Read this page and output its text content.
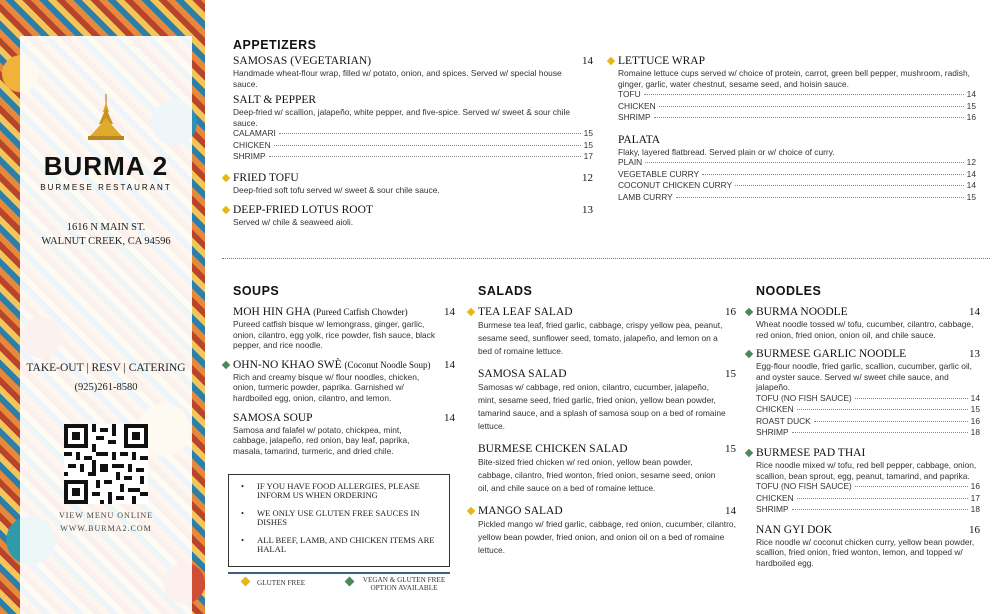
BURMA 2
BURMESE RESTAURANT
1616 N MAIN ST.
WALNUT CREEK, CA 94596
TAKE-OUT | RESV | CATERING
(925)261-8580
VIEW MENU ONLINE
WWW.BURMA2.COM
APPETIZERS
SAMOSAS (VEGETARIAN)	14
Handmade wheat-flour wrap, filled w/ potato, onion, and spices. Served w/ special house sauce.
SALT & PEPPER
Deep-fried w/ scallion, jalapeño, white pepper, and five-spice. Served w/ sweet & sour chile sauce.
CALAMARI	15
CHICKEN	15
SHRIMP	17
FRIED TOFU	12
Deep-fried soft tofu served w/ sweet & sour chile sauce.
DEEP-FRIED LOTUS ROOT	13
Served w/ chile & seaweed aioli.
LETTUCE WRAP
Romaine lettuce cups served w/ choice of protein, carrot, green bell pepper, mushroom, radish, ginger, garlic, water chestnut, sesame seed, and hoisin sauce.
TOFU	14
CHICKEN	15
SHRIMP	16
PALATA
Flaky, layered flatbread. Served plain or w/ choice of curry.
PLAIN	12
VEGETABLE CURRY	14
COCONUT CHICKEN CURRY	14
LAMB CURRY	15
SOUPS
MOH HIN GHA (Pureed Catfish Chowder)	14
Pureed catfish bisque w/ lemongrass, ginger, garlic, onion, cilantro, egg yolk, rice powder, fish sauce, black pepper, and rice noodle.
OHN-NO KHAO SWÈ (Coconut Noodle Soup) 14
Rich and creamy bisque w/ flour noodles, chicken, onion, turmeric powder, paprika. Garnished w/ hardboiled egg, onion, cilantro, and lemon.
SAMOSA SOUP	14
Samosa and falafel w/ potato, chickpea, mint, cabbage, jalapeño, red onion, bay leaf, paprika, masala, tamarind, turmeric, and dried chile.
• IF YOU HAVE FOOD ALLERGIES, PLEASE INFORM US WHEN ORDERING
• WE ONLY USE GLUTEN FREE SAUCES IN DISHES
• ALL BEEF, LAMB, AND CHICKEN ITEMS ARE HALAL
GLUTEN FREE	VEGAN & GLUTEN FREE OPTION AVAILABLE
SALADS
TEA LEAF SALAD	16
Burmese tea leaf, fried garlic, cabbage, crispy yellow pea, peanut, sesame seed, sunflower seed, tomato, jalapeño, and lemon on a bed of romaine lettuce.
SAMOSA SALAD	15
Samosas w/ cabbage, red onion, cilantro, cucumber, jalapeño, mint, sesame seed, fried garlic, fried onion, yellow bean powder, tamarind sauce, and a splash of samosa soup on a bed of romaine lettuce.
BURMESE CHICKEN SALAD	15
Bite-sized fried chicken w/ red onion, yellow bean powder, cabbage, cilantro, fried wonton, fried onion, sesame seed, onion oil, and chile sauce on a bed of romaine lettuce.
MANGO SALAD	14
Pickled mango w/ fried garlic, cabbage, red onion, cucumber, cilantro, yellow bean powder, fried onion, and onion oil on a bed of romaine lettuce.
NOODLES
BURMA NOODLE	14
Wheat noodle tossed w/ tofu, cucumber, cilantro, cabbage, red onion, fried onion, onion oil, and chile sauce.
BURMESE GARLIC NOODLE	13
Egg-flour noodle, fried garlic, scallion, cucumber, garlic oil, and oyster sauce. Served w/ sweet chile sauce, and jalapeño.
TOFU (NO FISH SAUCE)	14
CHICKEN	15
ROAST DUCK	16
SHRIMP	18
BURMESE PAD THAI
Rice noodle mixed w/ tofu, red bell pepper, cabbage, onion, scallion, bean sprout, egg, peanut, tamarind, and paprika.
TOFU (NO FISH SAUCE)	16
CHICKEN	17
SHRIMP	18
NAN GYI DOK	16
Rice noodle w/ coconut chicken curry, yellow bean powder, scallion, fried onion, fried wonton, lemon, and topped w/ hardboiled egg.
